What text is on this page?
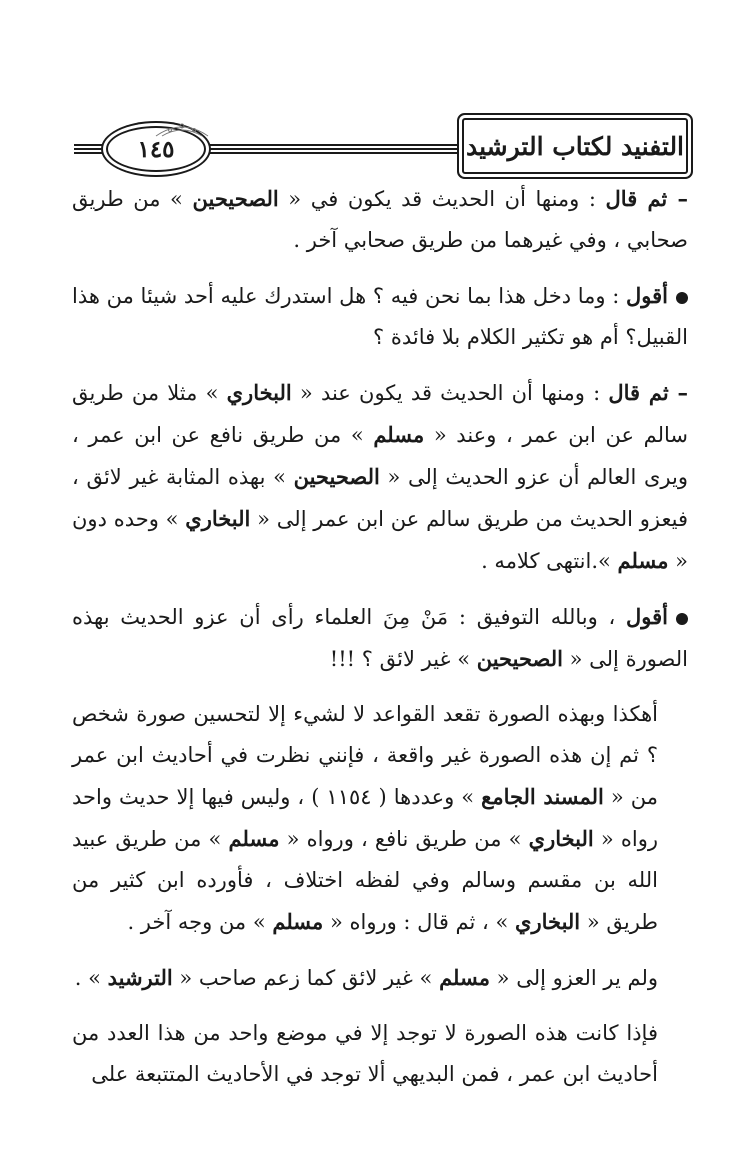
١٤٥	التفنيد لكتاب الترشيد

– ثم قال : ومنها أن الحديث قد يكون في « الصحيحين » من طريق صحابي ، وفي غيرهما من طريق صحابي آخر .

أقول : وما دخل هذا بما نحن فيه ؟ هل استدرك عليه أحد شيئا من هذا القبيل؟ أم هو تكثير الكلام بلا فائدة ؟

– ثم قال : ومنها أن الحديث قد يكون عند « البخاري » مثلا من طريق سالم عن ابن عمر ، وعند « مسلم » من طريق نافع عن ابن عمر ، ويرى العالم أن عزو الحديث إلى « الصحيحين » بهذه المثابة غير لائق ، فيعزو الحديث من طريق سالم عن ابن عمر إلى « البخاري » وحده دون « مسلم ».انتهى كلامه .

أقول ، وبالله التوفيق : مَنْ مِنَ العلماء رأى أن عزو الحديث بهذه الصورة إلى « الصحيحين » غير لائق ؟ !!!

أهكذا وبهذه الصورة تقعد القواعد لا لشيء إلا لتحسين صورة شخص ؟ ثم إن هذه الصورة غير واقعة ، فإنني نظرت في أحاديث ابن عمر من « المسند الجامع » وعددها ( ١١٥٤ ) ، وليس فيها إلا حديث واحد رواه « البخاري » من طريق نافع ، ورواه « مسلم » من طريق عبيد الله بن مقسم وسالم وفي لفظه اختلاف ، فأورده ابن كثير من طريق « البخاري » ، ثم قال : ورواه « مسلم » من وجه آخر .

ولم ير العزو إلى « مسلم » غير لائق كما زعم صاحب « الترشيد » .

فإذا كانت هذه الصورة لا توجد إلا في موضع واحد من هذا العدد من أحاديث ابن عمر ، فمن البديهي ألا توجد في الأحاديث المتتبعة على
